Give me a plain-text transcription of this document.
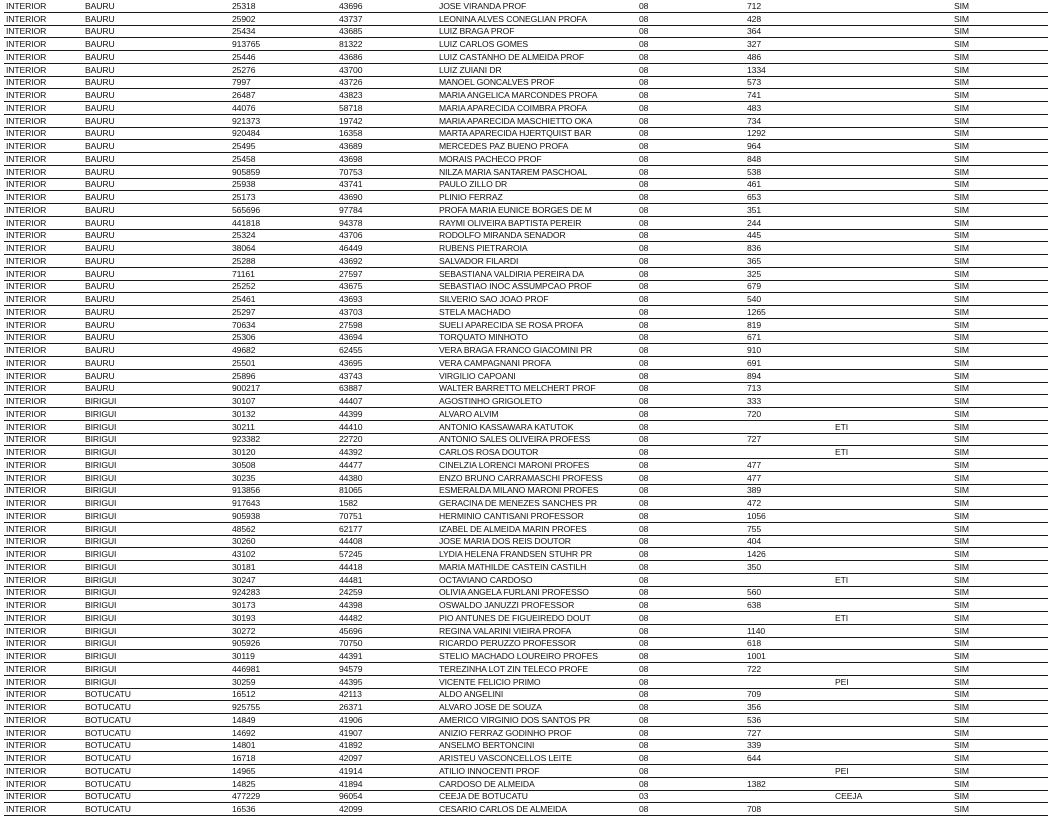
INTERIOR	BAURU	25318	43696	JOSE VIRANDA PROF	08	712		SIM
INTERIOR	BAURU	25902	43737	LEONINA ALVES CONEGLIAN PROFA	08	428		SIM
INTERIOR	BAURU	25434	43685	LUIZ BRAGA PROF	08	364		SIM
INTERIOR	BAURU	913765	81322	LUIZ CARLOS GOMES	08	327		SIM
INTERIOR	BAURU	25446	43686	LUIZ CASTANHO DE ALMEIDA PROF	08	486		SIM
INTERIOR	BAURU	25276	43700	LUIZ ZUIANI DR	08	1334		SIM
INTERIOR	BAURU	7997	43726	MANOEL GONCALVES PROF	08	573		SIM
INTERIOR	BAURU	26487	43823	MARIA ANGELICA MARCONDES PROFA	08	741		SIM
INTERIOR	BAURU	44076	58718	MARIA APARECIDA COIMBRA PROFA	08	483		SIM
INTERIOR	BAURU	921373	19742	MARIA APARECIDA MASCHIETTO OKA	08	734		SIM
INTERIOR	BAURU	920484	16358	MARTA APARECIDA HJERTQUIST BAR	08	1292		SIM
INTERIOR	BAURU	25495	43689	MERCEDES PAZ BUENO PROFA	08	964		SIM
INTERIOR	BAURU	25458	43698	MORAIS PACHECO PROF	08	848		SIM
INTERIOR	BAURU	905859	70753	NILZA MARIA SANTAREM PASCHOAL	08	538		SIM
INTERIOR	BAURU	25938	43741	PAULO ZILLO DR	08	461		SIM
INTERIOR	BAURU	25173	43690	PLINIO FERRAZ	08	653		SIM
INTERIOR	BAURU	565696	97784	PROFA MARIA EUNICE BORGES DE M	08	351		SIM
INTERIOR	BAURU	441818	94378	RAYMI OLIVEIRA BAPTISTA PEREIR	08	244		SIM
INTERIOR	BAURU	25324	43706	RODOLFO MIRANDA SENADOR	08	445		SIM
INTERIOR	BAURU	38064	46449	RUBENS PIETRAROIA	08	836		SIM
INTERIOR	BAURU	25288	43692	SALVADOR FILARDI	08	365		SIM
INTERIOR	BAURU	71161	27597	SEBASTIANA VALDIRIA PEREIRA DA	08	325		SIM
INTERIOR	BAURU	25252	43675	SEBASTIAO INOC ASSUMPCAO PROF	08	679		SIM
INTERIOR	BAURU	25461	43693	SILVERIO SAO JOAO PROF	08	540		SIM
INTERIOR	BAURU	25297	43703	STELA MACHADO	08	1265		SIM
INTERIOR	BAURU	70634	27598	SUELI APARECIDA SE ROSA PROFA	08	819		SIM
INTERIOR	BAURU	25306	43694	TORQUATO MINHOTO	08	671		SIM
INTERIOR	BAURU	49682	62455	VERA BRAGA FRANCO GIACOMINI PR	08	910		SIM
INTERIOR	BAURU	25501	43695	VERA CAMPAGNANI PROFA	08	691		SIM
INTERIOR	BAURU	25896	43743	VIRGILIO CAPOANI	08	894		SIM
INTERIOR	BAURU	900217	63887	WALTER BARRETTO MELCHERT PROF	08	713		SIM
INTERIOR	BIRIGUI	30107	44407	AGOSTINHO GRIGOLETO	08	333		SIM
INTERIOR	BIRIGUI	30132	44399	ALVARO ALVIM	08	720		SIM
INTERIOR	BIRIGUI	30211	44410	ANTONIO KASSAWARA KATUTOK	08		ETI	SIM
INTERIOR	BIRIGUI	923382	22720	ANTONIO SALES OLIVEIRA PROFESS	08	727		SIM
INTERIOR	BIRIGUI	30120	44392	CARLOS ROSA DOUTOR	08		ETI	SIM
INTERIOR	BIRIGUI	30508	44477	CINELZIA LORENCI MARONI PROFES	08	477		SIM
INTERIOR	BIRIGUI	30235	44380	ENZO BRUNO CARRAMASCHI PROFESS	08	477		SIM
INTERIOR	BIRIGUI	913856	81065	ESMERALDA MILANO MARONI PROFES	08	389		SIM
INTERIOR	BIRIGUI	917643	1582	GERACINA DE MENEZES SANCHES PR	08	472		SIM
INTERIOR	BIRIGUI	905938	70751	HERMINIO CANTISANI PROFESSOR	08	1056		SIM
INTERIOR	BIRIGUI	48562	62177	IZABEL DE ALMEIDA MARIN PROFES	08	755		SIM
INTERIOR	BIRIGUI	30260	44408	JOSE MARIA DOS REIS DOUTOR	08	404		SIM
INTERIOR	BIRIGUI	43102	57245	LYDIA HELENA FRANDSEN STUHR PR	08	1426		SIM
INTERIOR	BIRIGUI	30181	44418	MARIA MATHILDE CASTEIN CASTILH	08	350		SIM
INTERIOR	BIRIGUI	30247	44481	OCTAVIANO CARDOSO	08		ETI	SIM
INTERIOR	BIRIGUI	924283	24259	OLIVIA ANGELA FURLANI PROFESSO	08	560		SIM
INTERIOR	BIRIGUI	30173	44398	OSWALDO JANUZZI PROFESSOR	08	638		SIM
INTERIOR	BIRIGUI	30193	44482	PIO ANTUNES DE FIGUEIREDO DOUT	08		ETI	SIM
INTERIOR	BIRIGUI	30272	45696	REGINA VALARINI VIEIRA PROFA	08	1140		SIM
INTERIOR	BIRIGUI	905926	70750	RICARDO PERUZZO PROFESSOR	08	618		SIM
INTERIOR	BIRIGUI	30119	44391	STELIO MACHADO LOUREIRO PROFES	08	1001		SIM
INTERIOR	BIRIGUI	446981	94579	TEREZINHA LOT ZIN TELECO PROFE	08	722		SIM
INTERIOR	BIRIGUI	30259	44395	VICENTE FELICIO PRIMO	08		PEI	SIM
INTERIOR	BOTUCATU	16512	42113	ALDO ANGELINI	08	709		SIM
INTERIOR	BOTUCATU	925755	26371	ALVARO JOSE DE SOUZA	08	356		SIM
INTERIOR	BOTUCATU	14849	41906	AMERICO VIRGINIO DOS SANTOS PR	08	536		SIM
INTERIOR	BOTUCATU	14692	41907	ANIZIO FERRAZ GODINHO PROF	08	727		SIM
INTERIOR	BOTUCATU	14801	41892	ANSELMO BERTONCINI	08	339		SIM
INTERIOR	BOTUCATU	16718	42097	ARISTEU VASCONCELLOS LEITE	08	644		SIM
INTERIOR	BOTUCATU	14965	41914	ATILIO INNOCENTI PROF	08		PEI	SIM
INTERIOR	BOTUCATU	14825	41894	CARDOSO DE ALMEIDA	08	1382		SIM
INTERIOR	BOTUCATU	477229	96054	CEEJA DE BOTUCATU	03		CEEJA	SIM
INTERIOR	BOTUCATU	16536	42099	CESARIO CARLOS DE ALMEIDA	08	708		SIM
